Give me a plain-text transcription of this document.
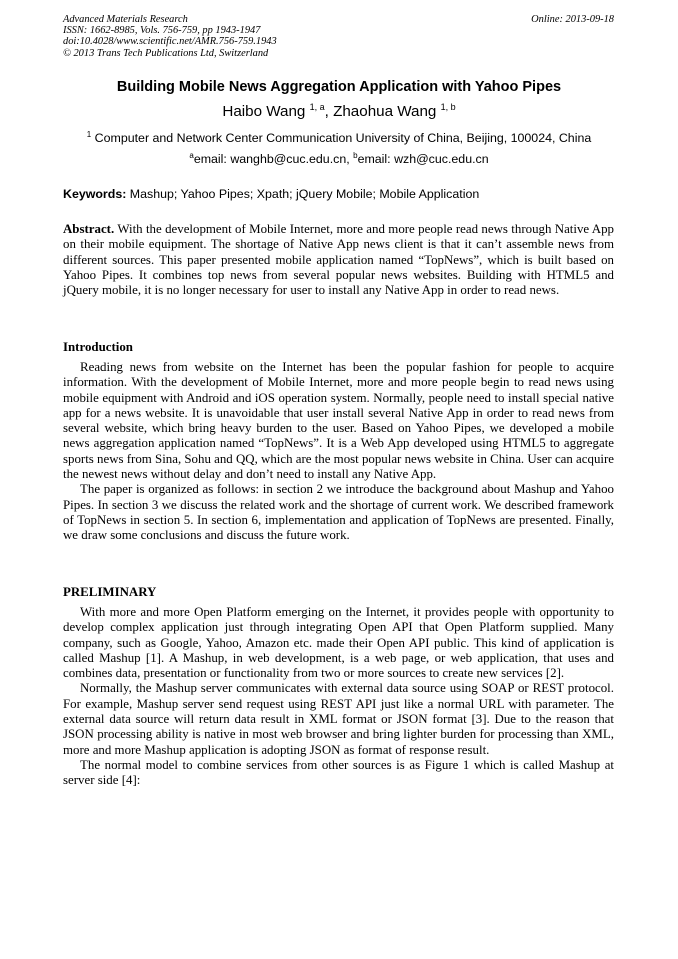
Advanced Materials Research
ISSN: 1662-8985, Vols. 756-759, pp 1943-1947
doi:10.4028/www.scientific.net/AMR.756-759.1943
© 2013 Trans Tech Publications Ltd, Switzerland
Online: 2013-09-18
Building Mobile News Aggregation Application with Yahoo Pipes
Haibo Wang $^{1, a}$, Zhaohua Wang $^{1, b}$
$^1$ Computer and Network Center Communication University of China, Beijing, 100024, China
$^a$email: wanghb@cuc.edu.cn, $^b$email: wzh@cuc.edu.cn
Keywords: Mashup; Yahoo Pipes; Xpath; jQuery Mobile; Mobile Application

Abstract. With the development of Mobile Internet, more and more people read news through Native App on their mobile equipment. The shortage of Native App news client is that it can’t assemble news from different sources. This paper presented mobile application named “TopNews”, which is built based on Yahoo Pipes. It combines top news from several popular news websites. Building with HTML5 and jQuery mobile, it is no longer necessary for user to install any Native App in order to read news.

Introduction

Reading news from website on the Internet has been the popular fashion for people to acquire information. With the development of Mobile Internet, more and more people begin to read news using mobile equipment with Android and iOS operation system. Normally, people need to install special native app for a news website. It is unavoidable that user install several Native App in order to read news from several website, which bring heavy burden to the user. Based on Yahoo Pipes, we developed a mobile news aggregation application named “TopNews”. It is a Web App developed using HTML5 to aggregate sports news from Sina, Sohu and QQ, which are the most popular news website in China. User can acquire the newest news without delay and don’t need to install any Native App.

The paper is organized as follows: in section 2 we introduce the background about Mashup and Yahoo Pipes. In section 3 we discuss the related work and the shortage of current work. We described framework of TopNews in section 5. In section 6, implementation and application of TopNews are presented. Finally, we draw some conclusions and discuss the future work.

PRELIMINARY

With more and more Open Platform emerging on the Internet, it provides people with opportunity to develop complex application just through integrating Open API that Open Platform supplied. Many company, such as Google, Yahoo, Amazon etc. made their Open API public. This kind of application is called Mashup [1]. A Mashup, in web development, is a web page, or web application, that uses and combines data, presentation or functionality from two or more sources to create new services [2].

Normally, the Mashup server communicates with external data source using SOAP or REST protocol. For example, Mashup server send request using REST API just like a normal URL with parameter. The external data source will return data result in XML format or JSON format [3]. Due to the reason that JSON processing ability is native in most web browser and bring lighter burden for processing than XML, more and more Mashup application is adopting JSON as format of response result.

The normal model to combine services from other sources is as Figure 1 which is called Mashup at server side [4]:
